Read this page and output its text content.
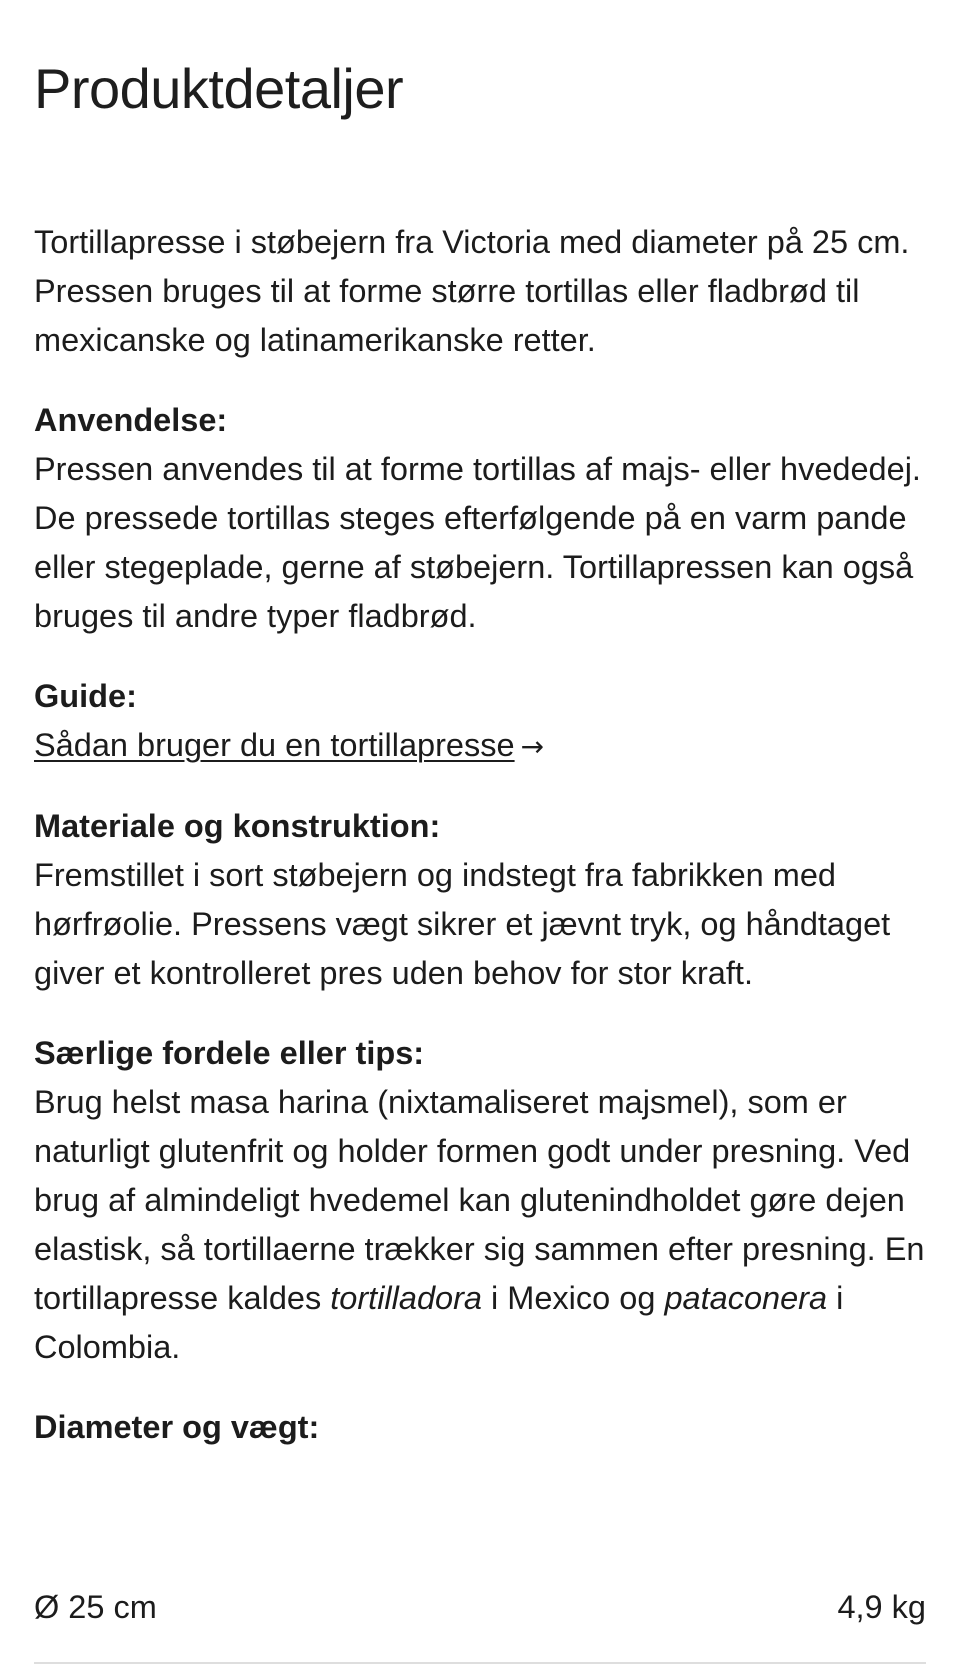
Produktdetaljer

Tortillapresse i støbejern fra Victoria med diameter på 25 cm. Pressen bruges til at forme større tortillas eller fladbrød til mexicanske og latinamerikanske retter.

Anvendelse:

Pressen anvendes til at forme tortillas af majs- eller hvededej. De pressede tortillas steges efterfølgende på en varm pande eller stegeplade, gerne af støbejern. Tortillapressen kan også bruges til andre typer fladbrød.

Guide:

Sådan bruger du en tortillapresse →

Materiale og konstruktion:

Fremstillet i sort støbejern og indstegt fra fabrikken med hørfrøolie. Pressens vægt sikrer et jævnt tryk, og håndtaget giver et kontrolleret pres uden behov for stor kraft.

Særlige fordele eller tips:

Brug helst masa harina (nixtamaliseret majsmel), som er naturligt glutenfrit og holder formen godt under presning. Ved brug af almindeligt hvedemel kan glutenindholdet gøre dejen elastisk, så tortillaerne trækker sig sammen efter presning. En tortillapresse kaldes tortilladora i Mexico og pataconera i Colombia.

Diameter og vægt:
Ø 25 cm	4,9 kg
